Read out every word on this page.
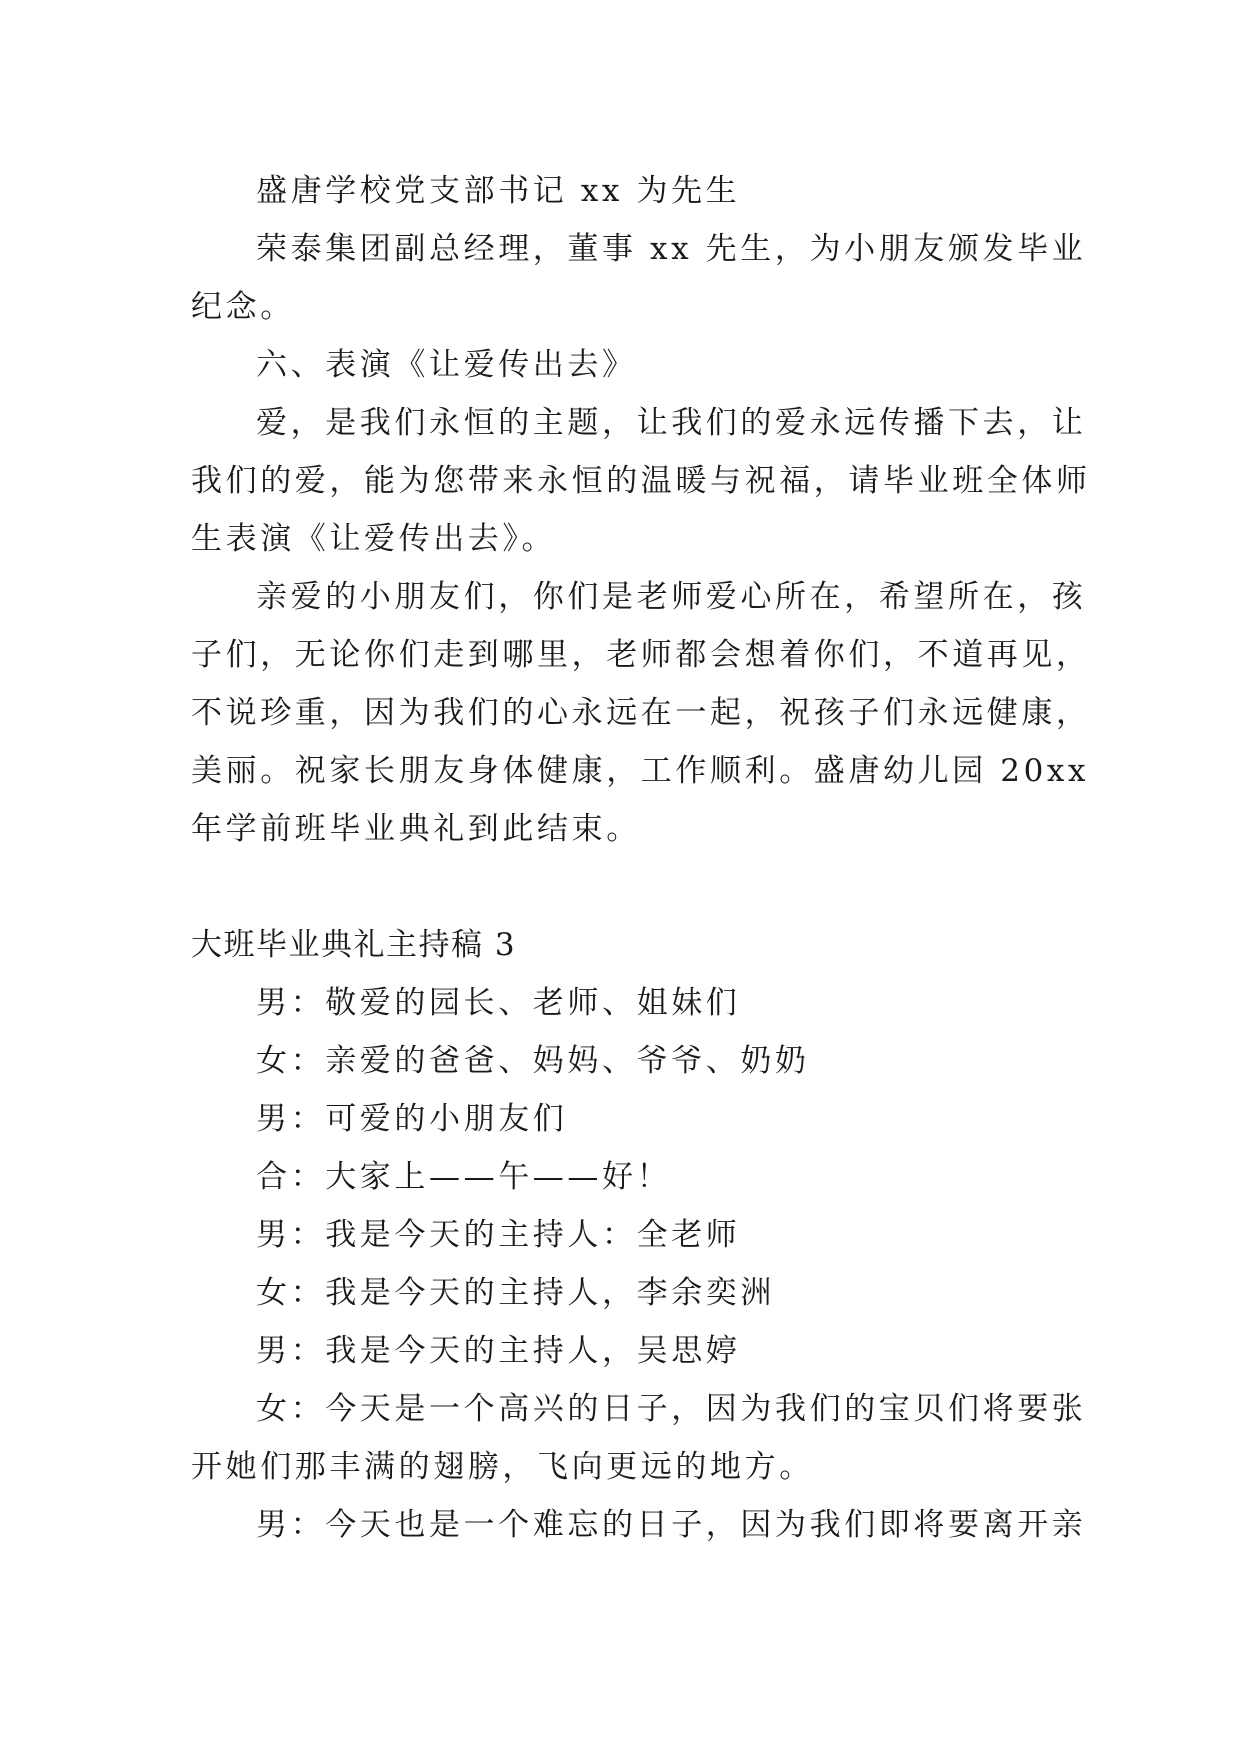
盛唐学校党支部书记 xx 为先生
荣泰集团副总经理，董事 xx 先生，为小朋友颁发毕业
纪念。
六、表演《让爱传出去》
爱，是我们永恒的主题，让我们的爱永远传播下去，让
我们的爱，能为您带来永恒的温暖与祝福，请毕业班全体师
生表演《让爱传出去》。
亲爱的小朋友们，你们是老师爱心所在，希望所在，孩
子们，无论你们走到哪里，老师都会想着你们，不道再见，
不说珍重，因为我们的心永远在一起，祝孩子们永远健康，
美丽。祝家长朋友身体健康，工作顺利。盛唐幼儿园 20xx
年学前班毕业典礼到此结束。
大班毕业典礼主持稿 3
男：敬爱的园长、老师、姐妹们
女：亲爱的爸爸、妈妈、爷爷、奶奶
男：可爱的小朋友们
合：大家上——午——好！
男：我是今天的主持人：全老师
女：我是今天的主持人，李余奕洲
男：我是今天的主持人，吴思婷
女：今天是一个高兴的日子，因为我们的宝贝们将要张
开她们那丰满的翅膀，飞向更远的地方。
男：今天也是一个难忘的日子，因为我们即将要离开亲
